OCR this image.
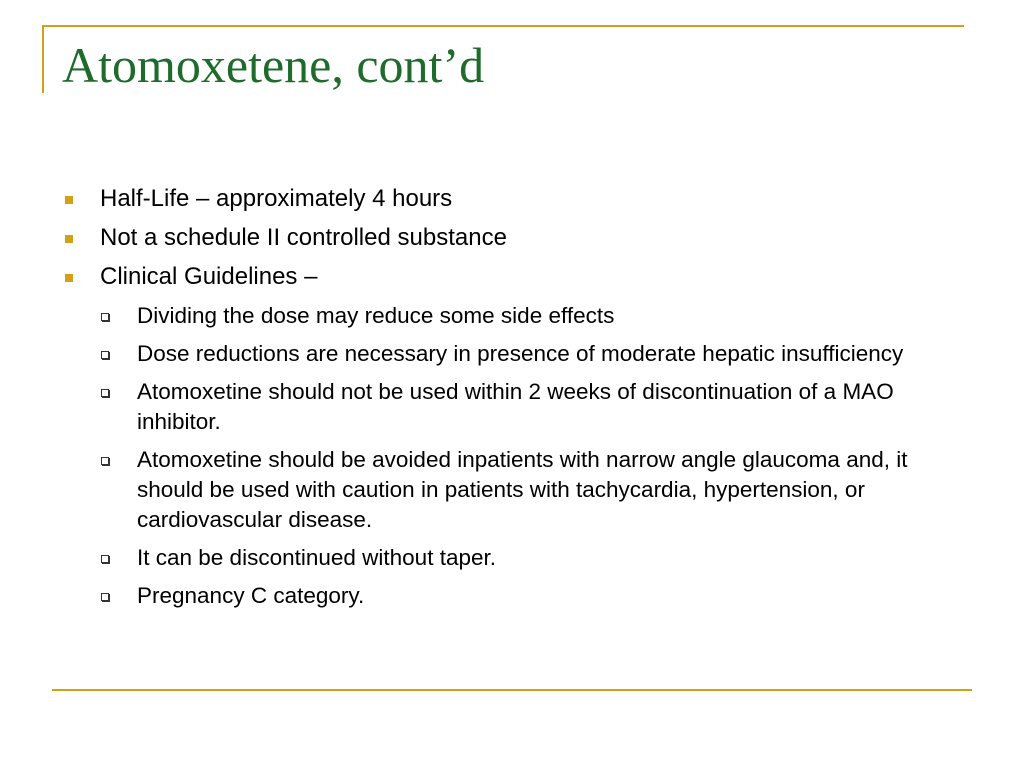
Atomoxetene, cont’d
Half-Life – approximately 4 hours
Not a schedule II controlled substance
Clinical Guidelines –
Dividing the dose may reduce some side effects
Dose reductions are necessary in presence of moderate hepatic insufficiency
Atomoxetine should not be used within 2 weeks of discontinuation of a MAO inhibitor.
Atomoxetine should be avoided inpatients with narrow angle glaucoma and, it should be used with caution in patients with tachycardia, hypertension, or cardiovascular disease.
It can be discontinued without taper.
Pregnancy C category.
